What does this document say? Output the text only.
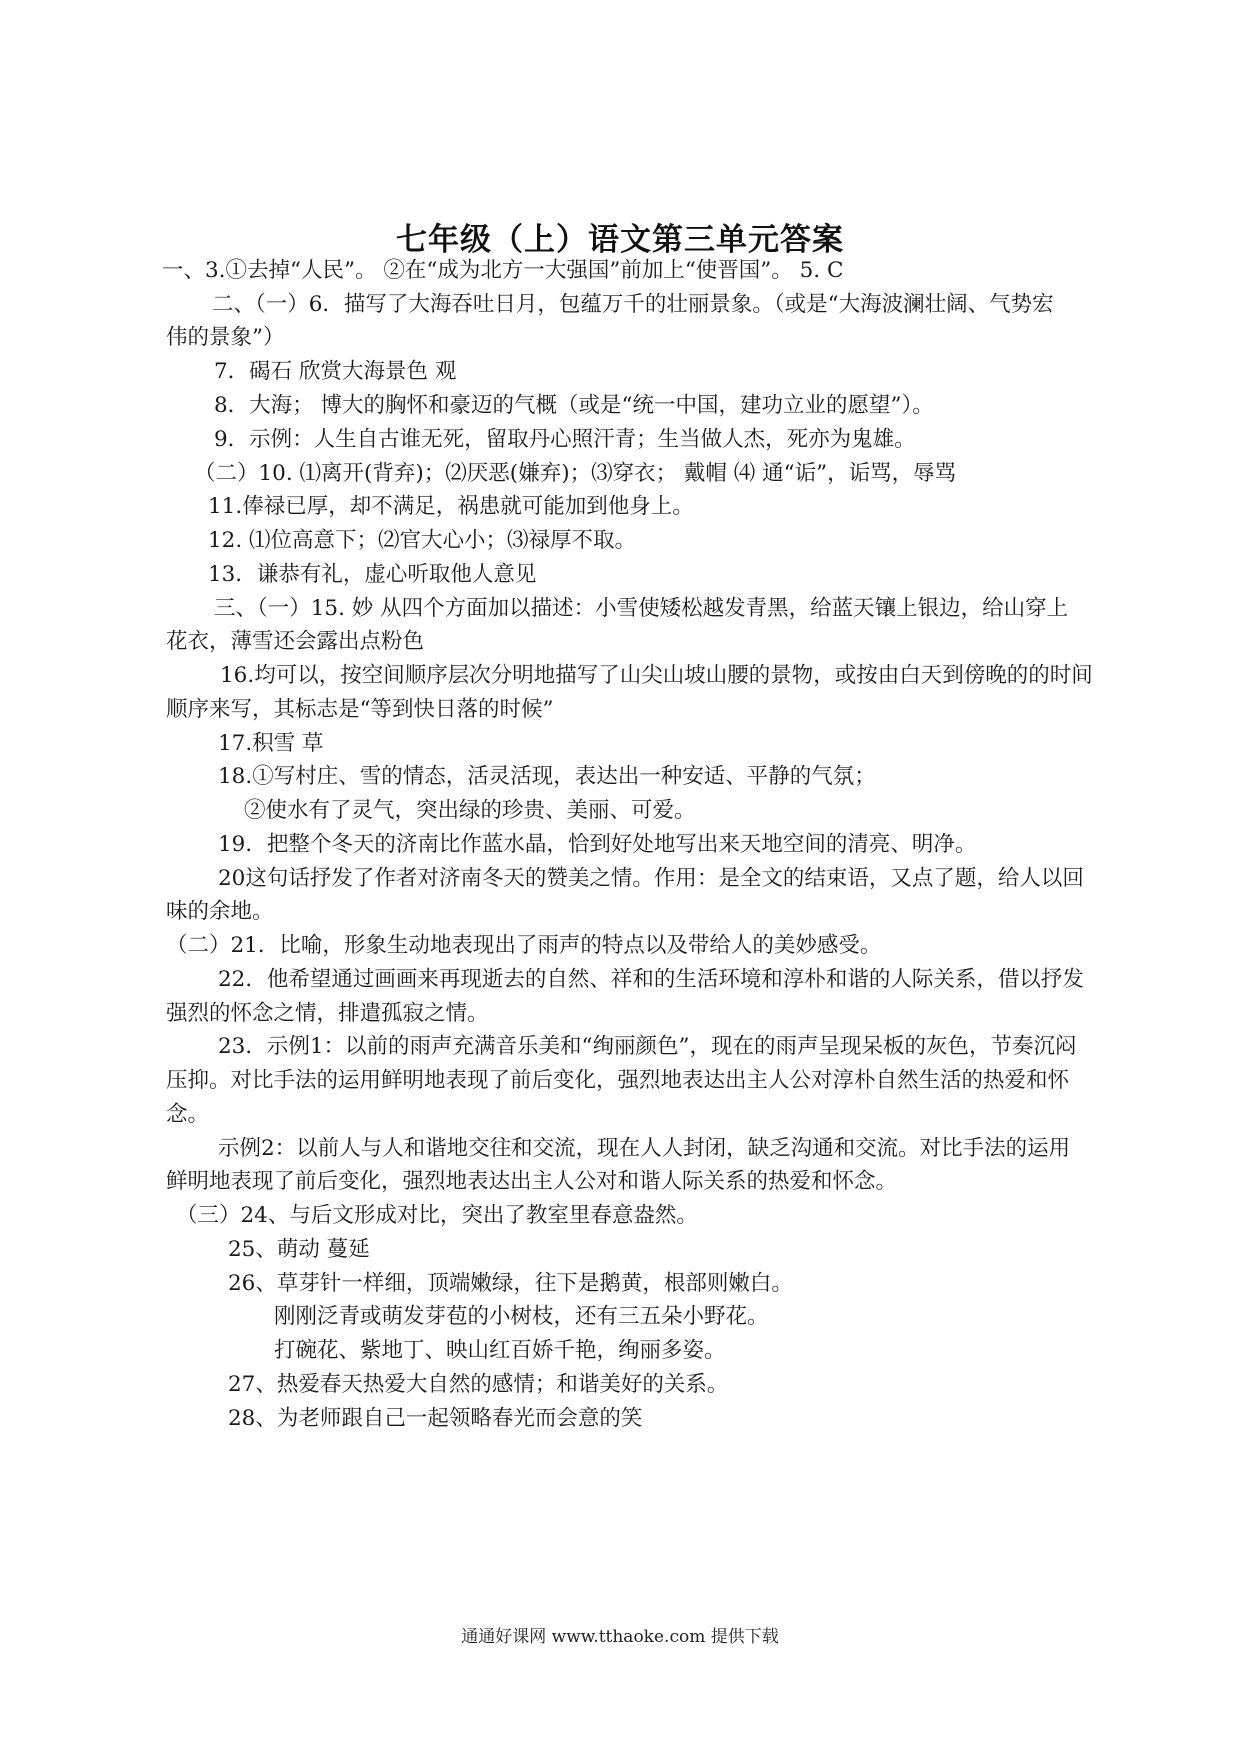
七年级（上）语文第三单元答案
一、3.①去掉“人民”。 ②在“成为北方一大强国”前加上“使晋国”。 5. C
二、（一）6．描写了大海吞吐日月，包蕴万千的壮丽景象。（或是“大海波澜壮阔、气势宏
伟的景象”）
7．碣石 欣赏大海景色 观
8．大海； 博大的胸怀和豪迈的气概（或是“统一中国，建功立业的愿望”）。
9．示例：人生自古谁无死，留取丹心照汗青；生当做人杰，死亦为鬼雄。
（二）10. ⑴离开(背弃)；⑵厌恶(嫌弃)；⑶穿衣； 戴帽 ⑷ 通“诟”，诟骂，辱骂
11.俸禄已厚，却不满足，祸患就可能加到他身上。
12. ⑴位高意下；⑵官大心小；⑶禄厚不取。
13．谦恭有礼，虚心听取他人意见
三、（一）15. 妙 从四个方面加以描述：小雪使矮松越发青黑，给蓝天镶上银边，给山穿上
花衣，薄雪还会露出点粉色
16.均可以，按空间顺序层次分明地描写了山尖山坡山腰的景物，或按由白天到傍晚的的时间
顺序来写，其标志是“等到快日落的时候”
17.积雪 草
18.①写村庄、雪的情态，活灵活现，表达出一种安适、平静的气氛；
②使水有了灵气，突出绿的珍贵、美丽、可爱。
19．把整个冬天的济南比作蓝水晶，恰到好处地写出来天地空间的清亮、明净。
20这句话抒发了作者对济南冬天的赞美之情。作用：是全文的结束语，又点了题，给人以回
味的余地。
（二）21．比喻，形象生动地表现出了雨声的特点以及带给人的美妙感受。
22．他希望通过画画来再现逝去的自然、祥和的生活环境和淳朴和谐的人际关系，借以抒发
强烈的怀念之情，排遣孤寂之情。
23．示例1：以前的雨声充满音乐美和“绚丽颜色”，现在的雨声呈现呆板的灰色，节奏沉闷
压抑。对比手法的运用鲜明地表现了前后变化，强烈地表达出主人公对淳朴自然生活的热爱和怀
念。
示例2：以前人与人和谐地交往和交流，现在人人封闭，缺乏沟通和交流。对比手法的运用
鲜明地表现了前后变化，强烈地表达出主人公对和谐人际关系的热爱和怀念。
（三）24、与后文形成对比，突出了教室里春意盎然。
25、萌动 蔓延
26、草芽针一样细，顶端嫩绿，往下是鹅黄，根部则嫩白。
刚刚泛青或萌发芽苞的小树枝，还有三五朵小野花。
打碗花、紫地丁、映山红百娇千艳，绚丽多姿。
27、热爱春天热爱大自然的感情；和谐美好的关系。
28、为老师跟自己一起领略春光而会意的笑
通通好课网 www.tthaoke.com 提供下载
